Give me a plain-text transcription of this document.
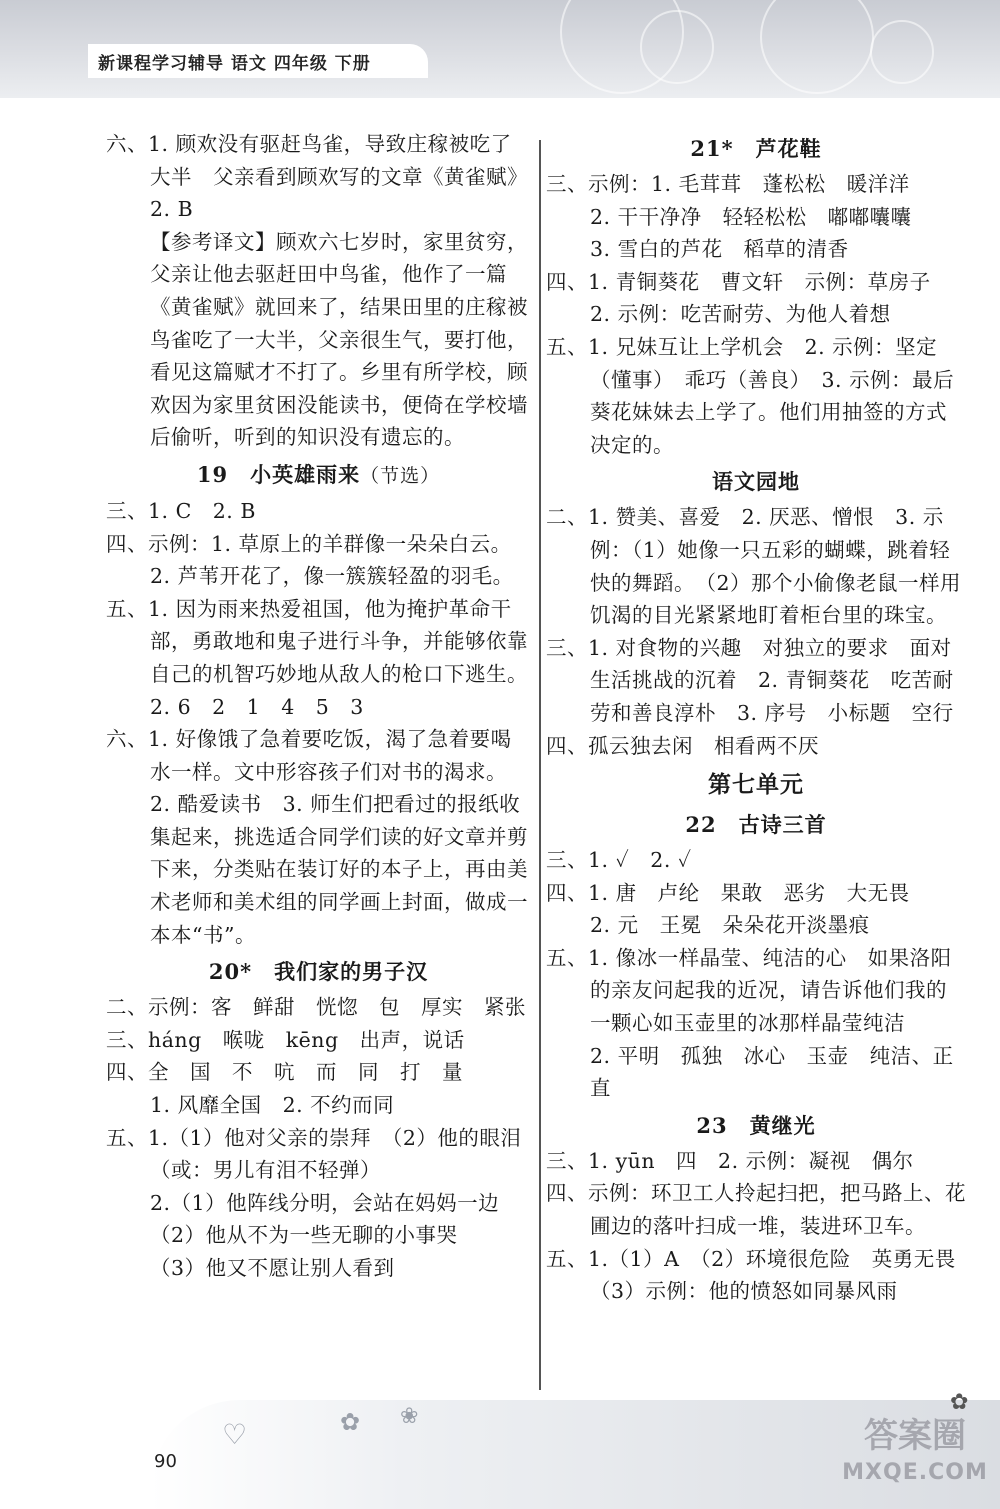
新课程学习辅导 语文 四年级 下册

六、1. 顾欢没有驱赶鸟雀，导致庄稼被吃了大半　父亲看到顾欢写的文章《黄雀赋》　2. B

【参考译文】顾欢六七岁时，家里贫穷，父亲让他去驱赶田中鸟雀，他作了一篇《黄雀赋》就回来了，结果田里的庄稼被鸟雀吃了一大半，父亲很生气，要打他，看见这篇赋才不打了。乡里有所学校，顾欢因为家里贫困没能读书，便倚在学校墙后偷听，听到的知识没有遗忘的。

19 小英雄雨来（节选）

三、1. C　2. B

四、示例：1. 草原上的羊群像一朵朵白云。

2. 芦苇开花了，像一簇簇轻盈的羽毛。

五、1. 因为雨来热爱祖国，他为掩护革命干部，勇敢地和鬼子进行斗争，并能够依靠自己的机智巧妙地从敌人的枪口下逃生。　2. 6　2　1　4　5　3

六、1. 好像饿了急着要吃饭，渴了急着要喝水一样。文中形容孩子们对书的渴求。　2. 酷爱读书　3. 师生们把看过的报纸收集起来，挑选适合同学们读的好文章并剪下来，分类贴在装订好的本子上，再由美术老师和美术组的同学画上封面，做成一本本“书”。

20* 我们家的男子汉

二、示例：客　鲜甜　恍惚　包　厚实　紧张

三、háng　喉咙　kēng　出声，说话

四、全　国　不　吭　而　同　打　量

1. 风靡全国　2. 不约而同

五、1.（1）他对父亲的崇拜　（2）他的眼泪（或：男儿有泪不轻弹）

2.（1）他阵线分明，会站在妈妈一边　（2）他从不为一些无聊的小事哭

（3）他又不愿让别人看到

21* 芦花鞋

三、示例：1. 毛茸茸　蓬松松　暖洋洋

2. 干干净净　轻轻松松　嘟嘟囔囔

3. 雪白的芦花　稻草的清香

四、1. 青铜葵花　曹文轩　示例：草房子

2. 示例：吃苦耐劳、为他人着想

五、1. 兄妹互让上学机会　2. 示例：坚定（懂事）　乖巧（善良）　3. 示例：最后葵花妹妹去上学了。他们用抽签的方式决定的。

语文园地

二、1. 赞美、喜爱　2. 厌恶、憎恨　3. 示例：（1）她像一只五彩的蝴蝶，跳着轻快的舞蹈。　（2）那个小偷像老鼠一样用饥渴的目光紧紧地盯着柜台里的珠宝。

三、1. 对食物的兴趣　对独立的要求　面对生活挑战的沉着　2. 青铜葵花　吃苦耐劳和善良淳朴　3. 序号　小标题　空行

四、孤云独去闲　相看两不厌

第七单元
22 古诗三首

三、1. ✓　2. ✓

四、1. 唐　卢纶　果敢　恶劣　大无畏

2. 元　王冕　朵朵花开淡墨痕

五、1. 像冰一样晶莹、纯洁的心　如果洛阳的亲友问起我的近况，请告诉他们我的一颗心如玉壶里的冰那样晶莹纯洁

2. 平明　孤独　冰心　玉壶　纯洁、正直

23 黄继光

三、1. yūn　四　2. 示例：凝视　偶尔

四、示例：环卫工人拎起扫把，把马路上、花圃边的落叶扫成一堆，装进环卫车。

五、1.（1）A　（2）环境很危险　英勇无畏　（3）示例：他的愤怒如同暴风雨

♡	✿ ❀
✿
90
答案圈
MXQE.COM
